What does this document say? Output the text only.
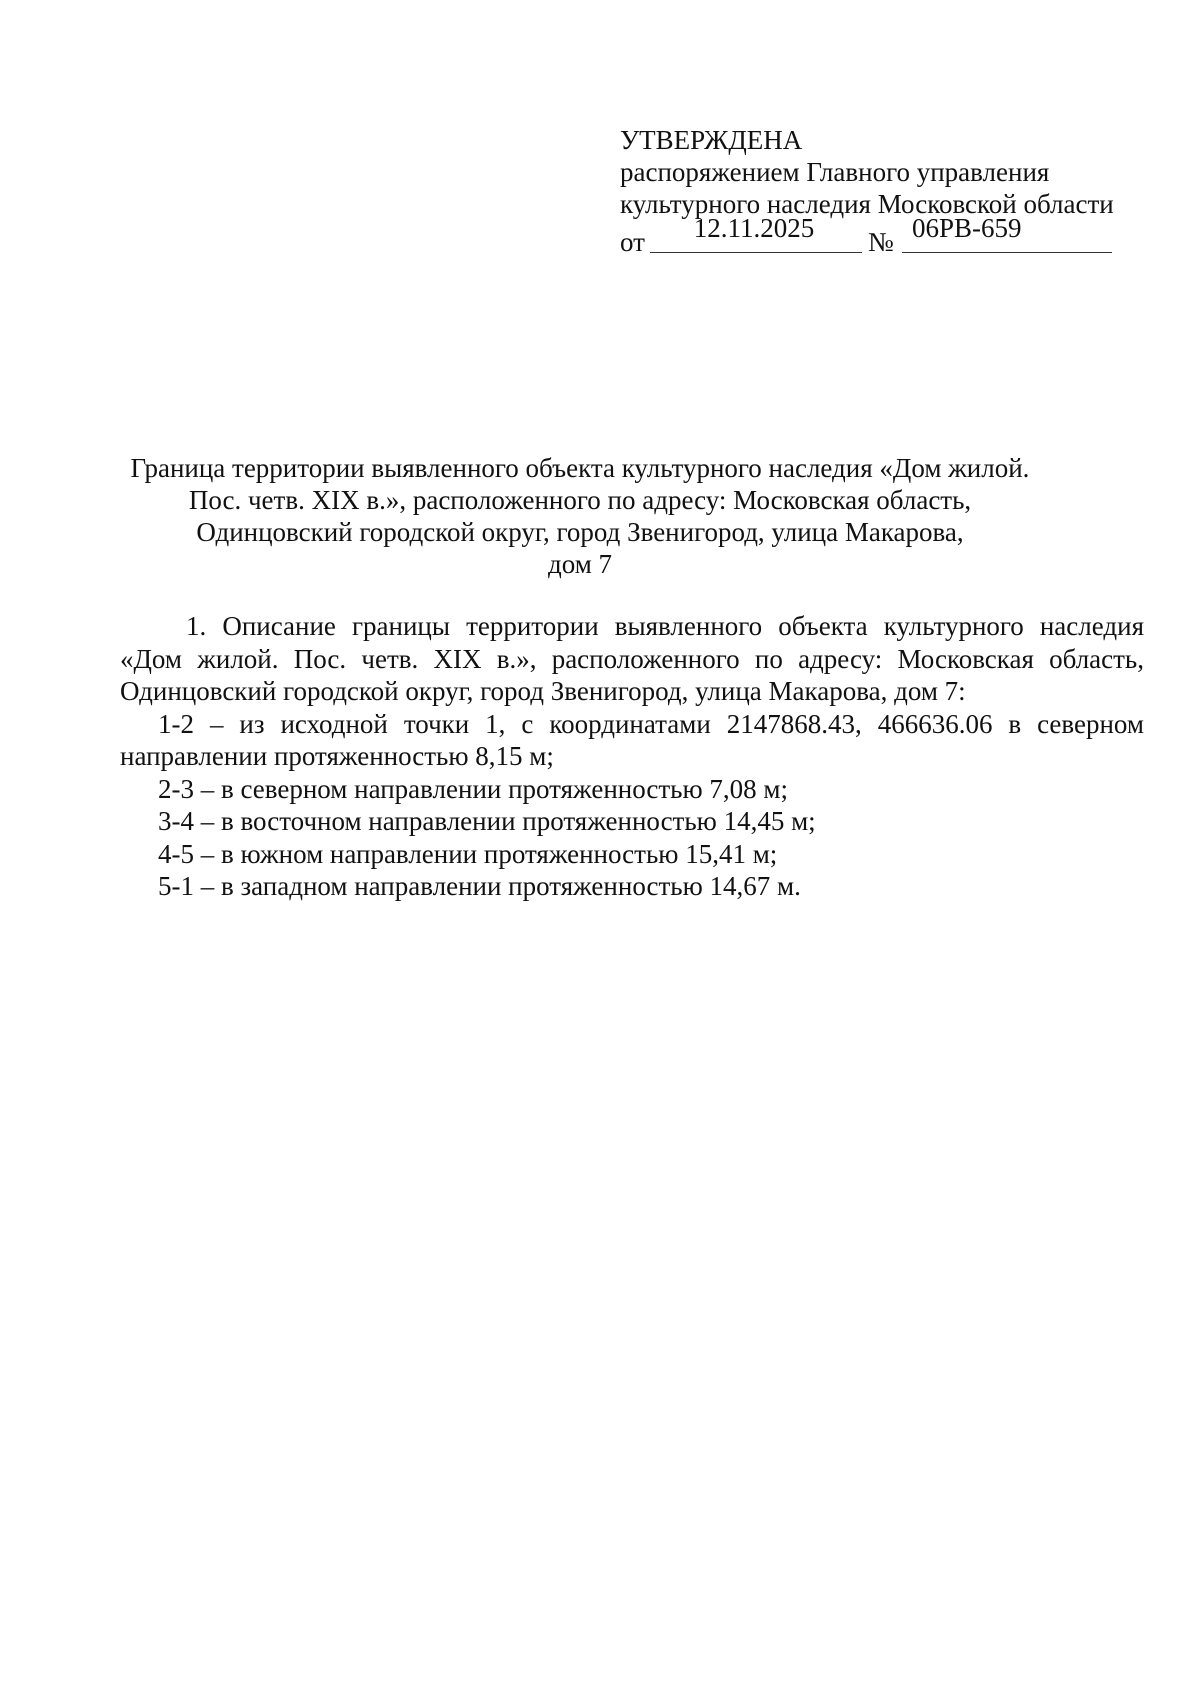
УТВЕРЖДЕНА
распоряжением Главного управления
культурного наследия Московской области
от	12.11.2025	№ 06РВ-659
Граница территории выявленного объекта культурного наследия «Дом жилой.
Пос. четв. XIX в.», расположенного по адресу: Московская область,
Одинцовский городской округ, город Звенигород, улица Макарова,
дом 7

1. Описание границы территории выявленного объекта культурного наследия «Дом жилой. Пос. четв. XIX в.», расположенного по адресу: Московская область, Одинцовский городской округ, город Звенигород, улица Макарова, дом 7:

1-2 – из исходной точки 1, с координатами 2147868.43, 466636.06 в северном направлении протяженностью 8,15 м;

2-3 – в северном направлении протяженностью 7,08 м;

3-4 – в восточном направлении протяженностью 14,45 м;

4-5 – в южном направлении протяженностью 15,41 м;

5-1 – в западном направлении протяженностью 14,67 м.
